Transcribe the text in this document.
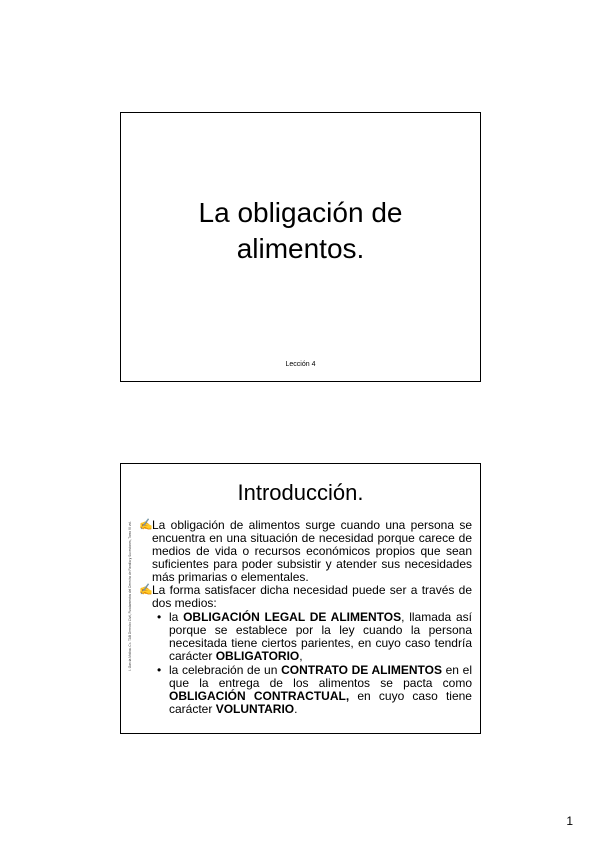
La obligación de
alimentos.
Lección 4
Introducción.
I. García Molina. Cc. TAB Derecho Civil, Fundamentos del Derecho de Familia y Sucesiones, Tomo VI vol. ✍ La obligación de alimentos surge cuando una persona se encuentra en una situación de necesidad porque carece de medios de vida o recursos económicos propios que sean suficientes para poder subsistir y atender sus necesidades más primarias o elementales.
✍ La forma satisfacer dicha necesidad puede ser a través de dos medios:
• la OBLIGACIÓN LEGAL DE ALIMENTOS, llamada así porque se establece por la ley cuando la persona necesitada tiene ciertos parientes, en cuyo caso tendría carácter OBLIGATORIO,
• la celebración de un CONTRATO DE ALIMENTOS en el que la entrega de los alimentos se pacta como OBLIGACIÓN CONTRACTUAL, en cuyo caso tiene carácter VOLUNTARIO.
1
